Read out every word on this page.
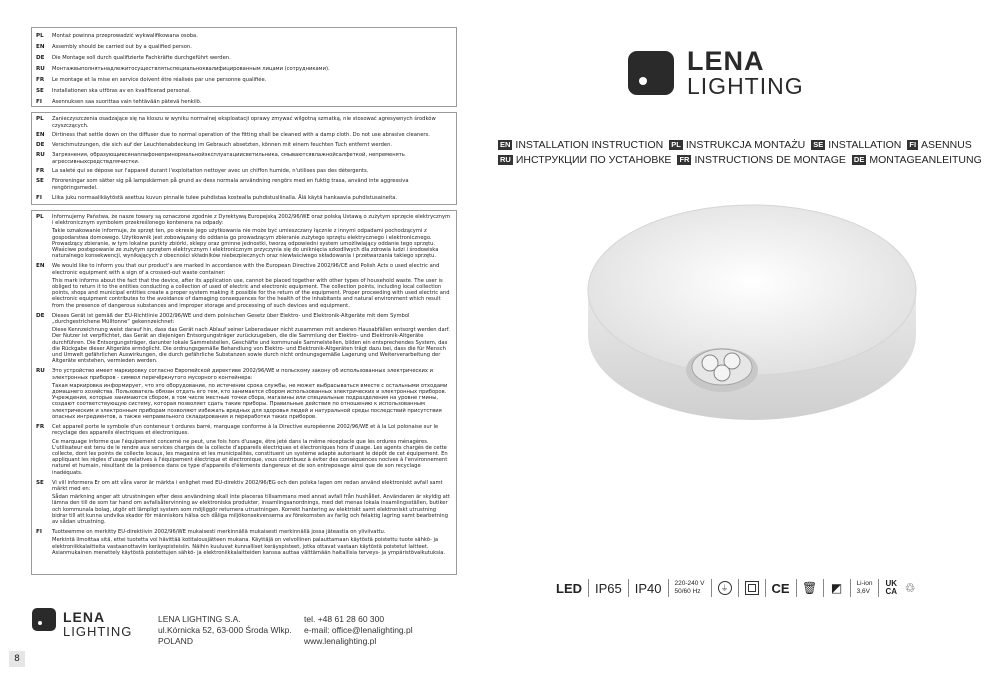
PL	Montaż powinna przeprowadzić wykwalifikowana osoba.
EN	Assembly should be carried out by a qualified person.
DE	Die Montage soll durch qualifizierte Fachkräfte durchgeführt werden.
RU	Монтажвыполнятьнадлежитосуществлятьспециальноквалифицированным лицами (сотрудниками).
FR	Le montage et la mise en service doivent être réalisés par une personne qualifiée.
SE	Installationen ska utföras av en kvalificerad personal.
FI	Asennuksen saa suorittaa vain tehtävään pätevä henkilö.
PL	Zanieczyszczenia osadzające się na kloszu w wyniku normalnej eksploatacji oprawy zmywać wilgotną szmatką, nie stosować agresywnych środków czyszczących.
EN	Dirtiness that settle down on the diffuser due to normal operation of the fitting shall be cleaned with a damp cloth. Do not use abrasive cleaners.
DE	Verschmutzungen, die sich auf der Leuchtenabdeckung im Gebrauch absetzten, können mit einem feuchten Tuch entfernt werden.
RU	Загрязнения, образующиесянаплафонепринормальнойэксплуатациисветильника, смываютсявлажнойсалфеткой, непременять агрессивныхсредствдлячистки.
FR	La saleté qui se dépose sur l'appareil durant l'exploitation nettoyer avec un chiffon humide, n'utilises pas des détergents.
SE	Föroreningar som sätter sig på lampskärmen på grund av dess normala användning rengörs med en fuktig trasa, använd inte aggressiva rengöringsmedel.
FI	Liika juku normaalikäytöstä asettuu kuvun pinnalle tulee puhdistaa kostealla puhdistusliinalla. Älä käytä hankaavia puhdistusaineita.
PL	Informujemy Państwa, że nasze towary są oznaczone zgodnie z Dyrektywą Europejską 2002/96/WE oraz polską Ustawą o zużytym sprzęcie elektrycznym i elektronicznym symbolem przekreślonego kontenera na odpady:
Takie oznakowanie informuje, że sprzęt ten, po okresie jego użytkowania nie może być umieszczany łącznie z innymi odpadami pochodzącymi z gospodarstwa domowego. Użytkownik jest zobowiązany do oddania go prowadzącym zbieranie zużytego sprzętu elektrycznego i elektronicznego. Prowadzący zbieranie, w tym lokalne punkty zbiórki, sklepy oraz gminne jednostki, tworzą odpowiedni system umożliwiający oddanie tego sprzętu. Właściwe postępowanie ze zużytym sprzętem elektrycznym i elektronicznym przyczynia się do uniknięcia szkodliwych dla zdrowia ludzi i środowiska naturalnego konsekwencji, wynikających z obecności składników niebezpiecznych oraz niewłaściwego składowania i przetwarzania takiego sprzętu.
EN	We would like to inform you that our product's are marked in accordance with the European Directive 2002/96/CE and Polish Acts o used electric and electronic equipment with a sign of a crossed-out waste container:
This mark informs about the fact that the device, after its application use, cannot be placed together with other types of household waste. The user is obliged to return it to the entities conducting a collection of used of electric and electronic equipment. The collection points, including local collection points, shops and municipal entities create a proper system making it possible for the return of the equipment. Proper proceeding with used electric and electronic equipment contributes to the avoidance of damaging consequences for the health of the inhabitants and natural environment which result from the presence of dangerous substances and improper storage and processing of such devices and equipment.
DE	Dieses Gerät ist gemäß der EU-Richtlinie 2002/96/WE und dem polnischen Gesetz über Elektro- und Elektronik-Altgeräte mit dem Symbol „durchgestrichene Mülltonne“ gekennzeichnet:
Diese Kennzeichnung weist darauf hin, dass das Gerät nach Ablauf seiner Lebensdauer nicht zusammen mit anderen Hausabfällen entsorgt werden darf. Der Nutzer ist verpflichtet, das Gerät an diejenigen Entsorgungsträger zurückzugeben, die die Sammlung der Elektro- und Elektronik-Altgeräte durchführen. Die Entsorgungsträger, darunter lokale Sammelstellen, Geschäfte und kommunale Sammelstellen, bilden ein entsprechendes System, das die Rückgabe dieser Altgeräte ermöglicht. Die ordnungsgemäße Behandlung von Elektro- und Elektronik-Altgeräten trägt dazu bei, dass die für Mensch und Umwelt gefährlichen Auswirkungen, die durch gefährliche Substanzen sowie durch nicht ordnungsgemäße Lagerung und Weiterverarbeitung der Altgeräte entstehen, vermieden werden.
RU	Это устройство имеет маркировку согласно Европейской директиве 2002/96/WE и польскому закону об использованных электрических и электронных приборов - символ перечёркнутого мусорного контейнера:
Такая маркировка информирует, что это оборудование, по истечении срока службы, не может выбрасываться вместе с остальными отходами домашнего хозяйства. Пользователь обязан отдать его тем, кто занимается сбором использованных электрических и электронных приборов. Учреждения, которые занимаются сбором, в том числе местные точки сбора, магазины или специальные подразделения на уровне гмины, создают соответствующую систему, которая позволяет сдать такие приборы. Правильные действия по отношению к использованным электрическим и электронным приборам позволяют избежать вредных для здоровья людей и натуральной среды последствий присутствия опасных ингредиентов, а также неправильного складирования и переработки таких приборов.
FR	Cet appareil porte le symbole d'un conteneur t ordures barré, marquage conforme à la Directive européenne 2002/96/WE et à la Loi polonaise sur le recyclage des appareils électriques et électroniques.
Ce marquage informe que l'équipement concerné ne peut, une fois hors d'usage, être jeté dans la même réceptacle que les ordures ménagères. L'utilisateur est tenu de le rendre aux services chargés de la collecte d'appareils électriques et électroniques hors d'usage. Les agents chargés de cette collecte, dont les points de collecte locaux, les magasins et les municipalités, constituent un système adapté autorisant le dépôt de cet équipement. En appliquant les règles d'usage relatives à l'équipement électrique et électronique, vous contribuez à éviter des conséquences nocives à l'environnement naturel et humain, résultant de la présence dans ce type d'appareils d'éléments dangereux et de son entreposage ainsi que de son recyclage inadéquats.
SE	Vi vill informera Er om att våra varor är märkta i enlighet med EU-direktiv 2002/96/EG och den polska lagen om redan använd elektroniskt avfall samt märkt med en:
Sådan märkning anger att utrustningen efter dess användning skall inte placeras tillsammans med annat avfall från hushållet. Användaren är skyldig att lämna den till de som tar hand om avfallsåtervinning av elektroniska produkter, insamlingsanordnings, med det menas lokala insamlingsställen, butiker och kommunala bolag, utgör ett lämpligt system som möjliggör returnera utrustningen. Korrekt hantering av elektriskt samt elektroniskt utrustning bidrar till att kunna undvika skador för människors hälsa och dåliga miljökonsekvenserna av förekomsten av farlig och felaktig lagring samt bearbetning av sådan utrustning.
FI	Tuotteemme on merkitty EU-direktiivin 2002/96/WE mukaisesti merkinnällä mukaisesti merkinnällä jossa jäteastia on yliviivattu.
Merkintä ilmoittaa sitä, ettei tuotetta voi hävittää kotitalousjätteen mukana. Käyttäjä on velvollinen palauttamaan käytöstä poistettu tuote sähkö- ja elektroniikkalaitteita vastaanottaviin keräyspisteisiin. Näihin kuuluvat kunnalliset keräyspisteet, jotka ottavat vastaan käytöstä poistetut laitteet. Asianmukainen menettely käytöstä poistettujen sähkö- ja elektroniikkalaitteiden kanssa auttaa välttämään haitallisia terveys- ja ympäristövaikutuksia.
LENA
LIGHTING
EN INSTALLATION INSTRUCTION PL INSTRUKCJA MONTAŻU SE INSTALLATION FI ASENNUS
RU ИНСТРУКЦИИ ПО УСТАНОВКЕ FR INSTRUCTIONS DE MONTAGE DE MONTAGEANLEITUNG
LED IP65 IP40 220-240 V
50/60 Hz	⏚	CE 🗑 ◩ Li-ion
3,6V
UK
CA ♲
LENA
LIGHTING
LENA LIGHTING S.A.
ul.Kórnicka 52, 63-000 Środa Wlkp.
POLAND
tel. +48 61 28 60 300
e-mail: office@lenalighting.pl
www.lenalighting.pl
8
